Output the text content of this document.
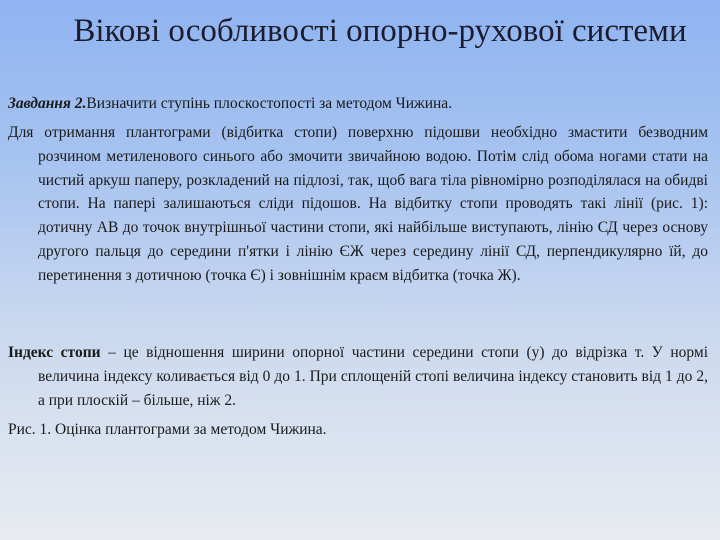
Вікові особливості опорно-рухової системи

Завдання 2.Визначити ступінь плоскостопості за методом Чижина.

Для отримання плантограми (відбитка стопи) поверхню підошви необхідно змастити безводним розчином метиленового синього або змочити звичайною водою. Потім слід обома ногами стати на чистий аркуш паперу, розкладений на підлозі, так, щоб вага тіла рівномірно розподілялася на обидві стопи. На папері залишаються сліди підошов. На відбитку стопи проводять такі лінії (рис. 1): дотичну АВ до точок внутрішньої частини стопи, які найбільше виступають, лінію СД через основу другого пальця до середини п'ятки і лінію ЄЖ через середину лінії СД, перпендикулярно їй, до перетинення з дотичною (точка Є) і зовнішнім краєм відбитка (точка Ж).

Індекс стопи – це відношення ширини опорної частини середини стопи (у) до відрізка т. У нормі величина індексу коливається від 0 до 1. При сплощеній стопі величина індексу становить від 1 до 2, а при плоскій – більше, ніж 2.

Рис. 1. Оцінка плантограми за методом Чижина.
